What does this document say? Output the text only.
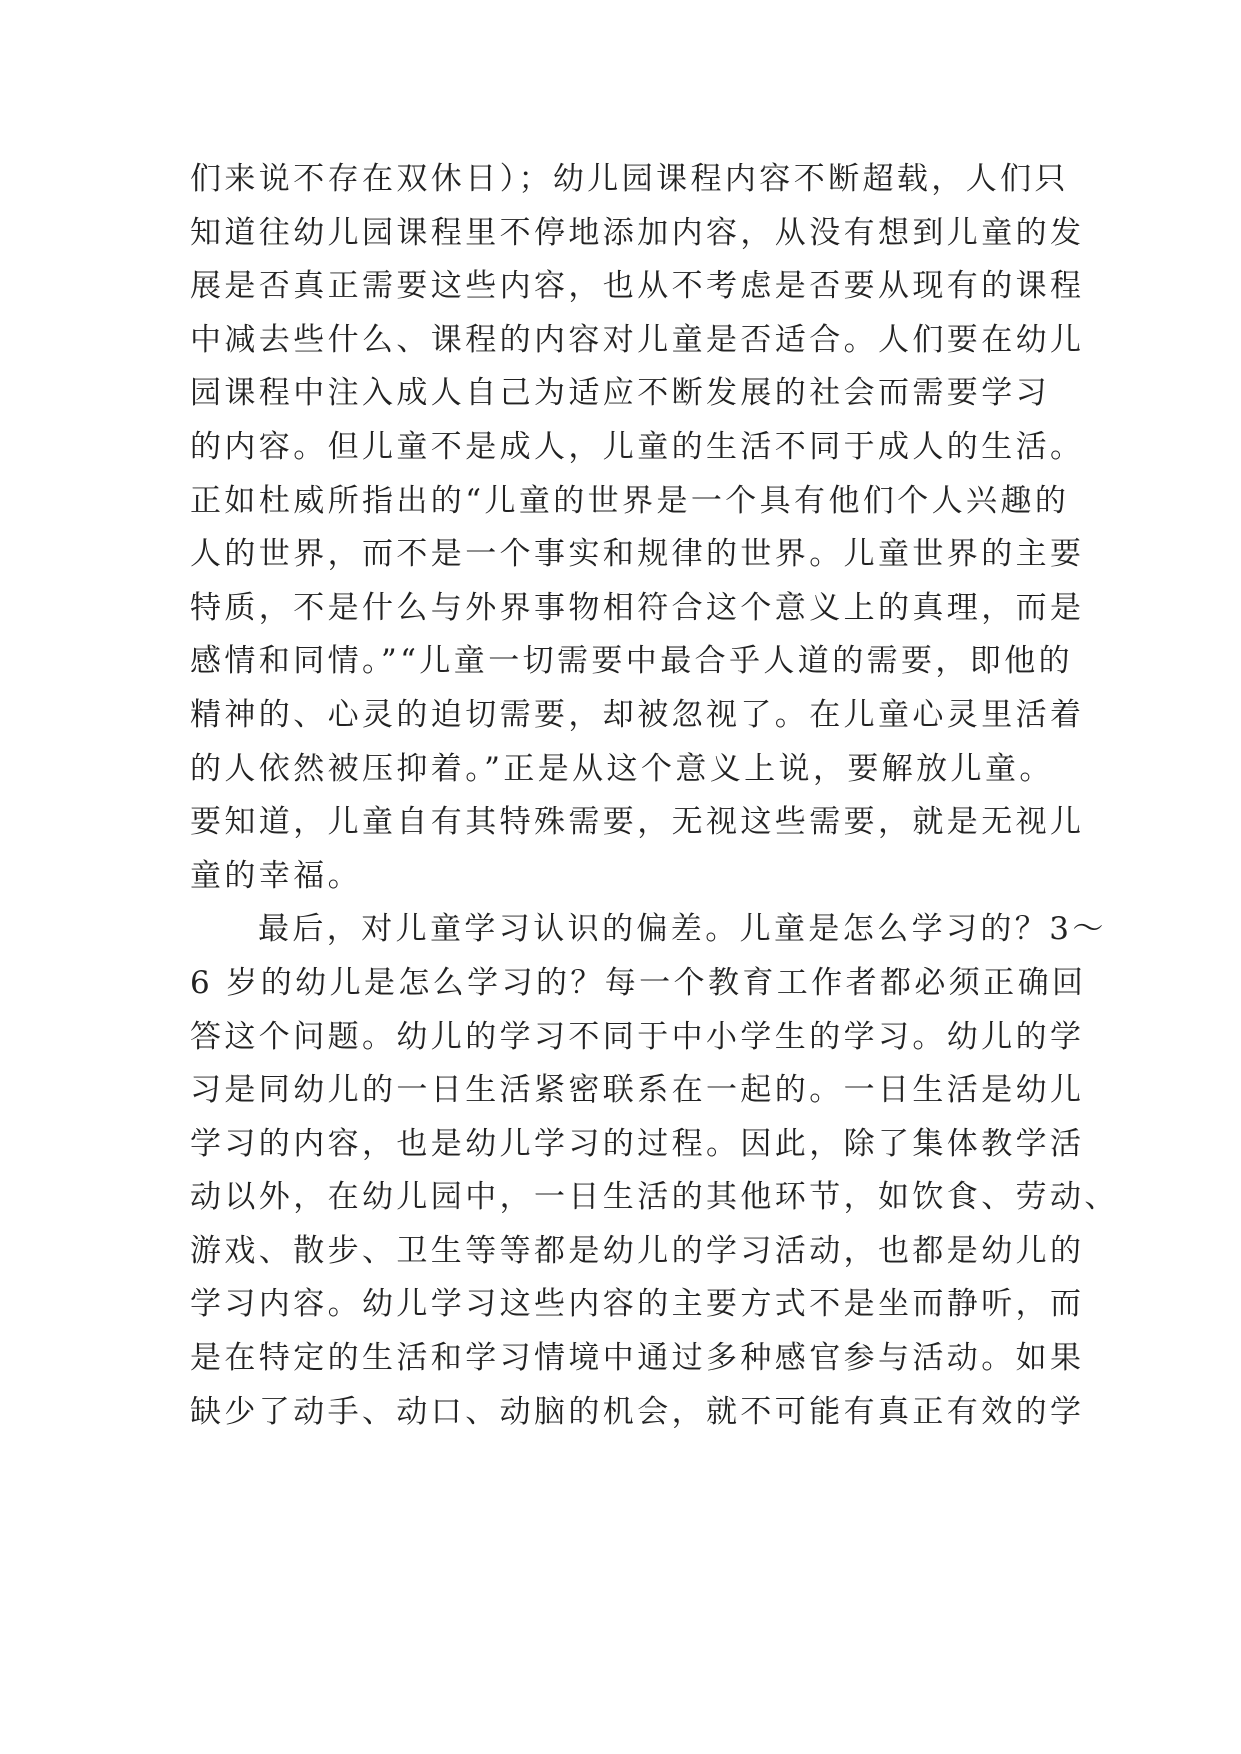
们来说不存在双休日）；幼儿园课程内容不断超载，人们只
知道往幼儿园课程里不停地添加内容，从没有想到儿童的发
展是否真正需要这些内容，也从不考虑是否要从现有的课程
中减去些什么、课程的内容对儿童是否适合。人们要在幼儿
园课程中注入成人自己为适应不断发展的社会而需要学习
的内容。但儿童不是成人，儿童的生活不同于成人的生活。
正如杜威所指出的“儿童的世界是一个具有他们个人兴趣的
人的世界，而不是一个事实和规律的世界。儿童世界的主要
特质，不是什么与外界事物相符合这个意义上的真理，而是
感情和同情。”“儿童一切需要中最合乎人道的需要，即他的
精神的、心灵的迫切需要，却被忽视了。在儿童心灵里活着
的人依然被压抑着。”正是从这个意义上说，要解放儿童。
要知道，儿童自有其特殊需要，无视这些需要，就是无视儿
童的幸福。
最后，对儿童学习认识的偏差。儿童是怎么学习的？3～
6 岁的幼儿是怎么学习的？每一个教育工作者都必须正确回
答这个问题。幼儿的学习不同于中小学生的学习。幼儿的学
习是同幼儿的一日生活紧密联系在一起的。一日生活是幼儿
学习的内容，也是幼儿学习的过程。因此，除了集体教学活
动以外，在幼儿园中，一日生活的其他环节，如饮食、劳动、
游戏、散步、卫生等等都是幼儿的学习活动，也都是幼儿的
学习内容。幼儿学习这些内容的主要方式不是坐而静听，而
是在特定的生活和学习情境中通过多种感官参与活动。如果
缺少了动手、动口、动脑的机会，就不可能有真正有效的学
